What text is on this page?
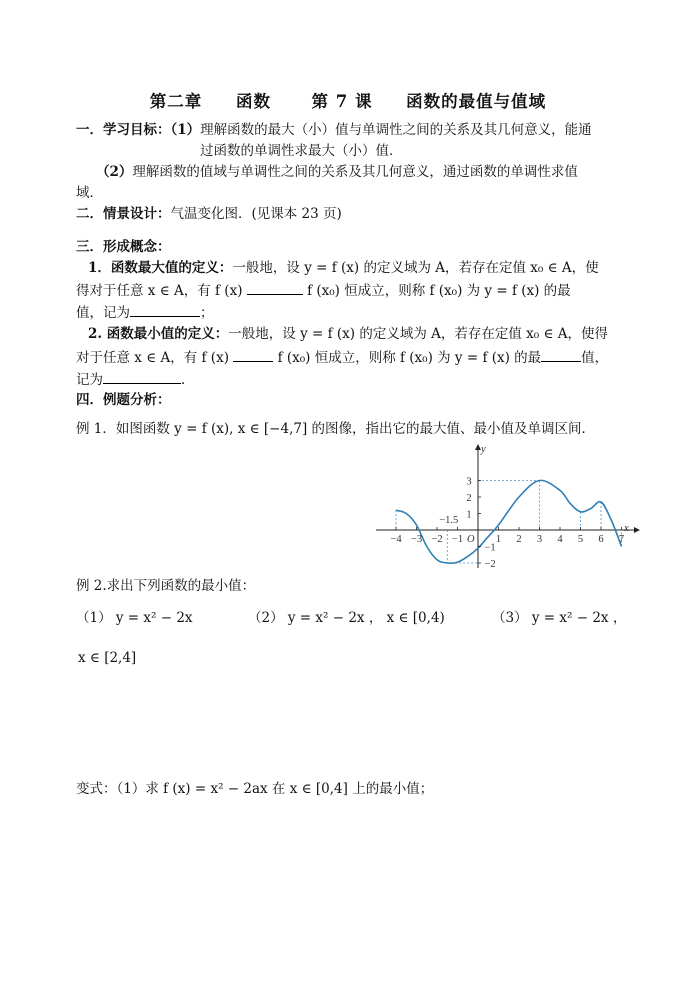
第二章     函数      第 7 课     函数的最值与值域
一．学习目标：（1）理解函数的最大（小）值与单调性之间的关系及其几何意义，能通
过函数的单调性求最大（小）值．
（2）理解函数的值域与单调性之间的关系及其几何意义，通过函数的单调性求值
域．
二．情景设计：气温变化图．(见课本 23 页)
三．形成概念：
1．函数最大值的定义：一般地，设 y = f (x) 的定义域为 A，若存在定值 x₀ ∈ A，使
得对于任意 x ∈ A，有 f (x)	f (x₀) 恒成立，则称 f (x₀) 为 y = f (x) 的最
值，记为	；
2. 函数最小值的定义：一般地，设 y = f (x) 的定义域为 A，若存在定值 x₀ ∈ A，使得
对于任意 x ∈ A，有 f (x)	f (x₀) 恒成立，则称 f (x₀) 为 y = f (x) 的最	值，
记为	．
四．例题分析：
例 1．如图函数 y = f (x), x ∈ [−4,7] 的图像，指出它的最大值、最小值及单调区间．
−4 −3 −2 −1	1 2 3 4 5 6 7
3
2
1
−1
−2
x
y
O
−1.5
例 2.求出下列函数的最小值：
（1） y = x² − 2x	（2） y = x² − 2x ， x ∈ [0,4)	（3） y = x² − 2x ，
x ∈ [2,4]
变式：（1）求 f (x) = x² − 2ax 在 x ∈ [0,4] 上的最小值；
